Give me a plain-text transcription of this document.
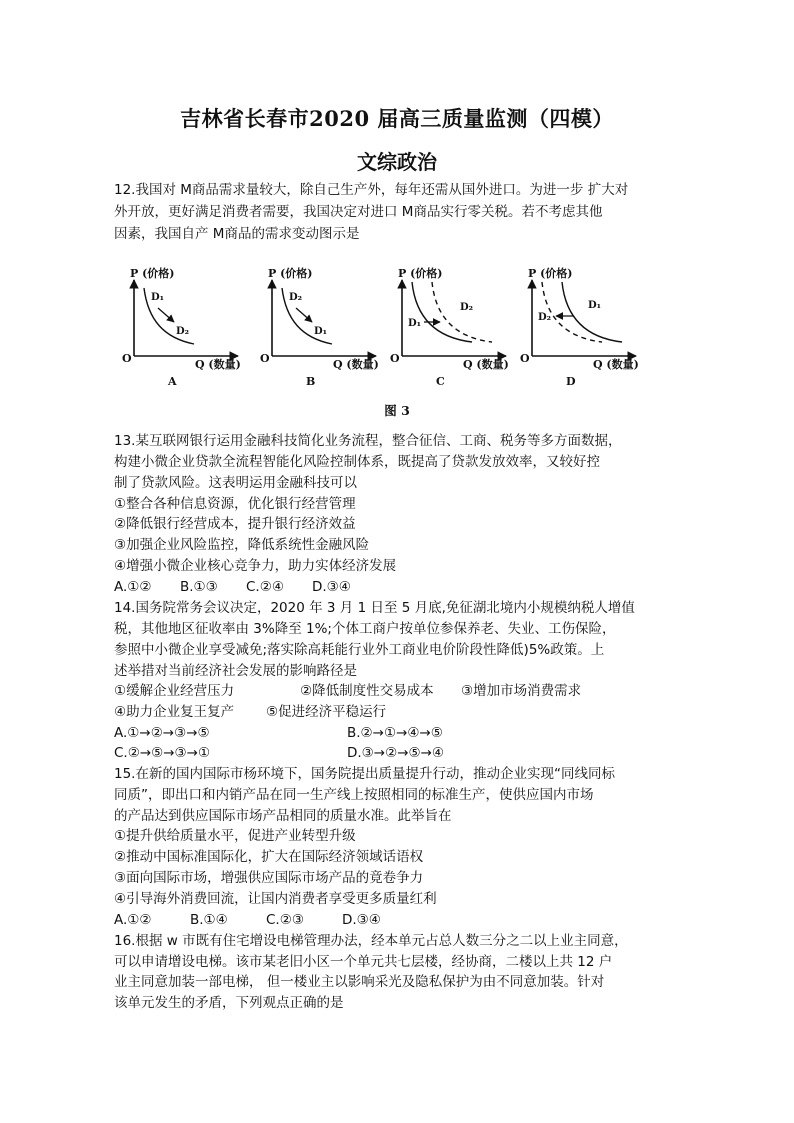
吉林省长春市2020 届高三质量监测（四模）
文综政治
12.我国对 M商品需求量较大，除自己生产外，每年还需从国外进口。为进一步 扩大对
外开放，更好满足消费者需要，我国决定对进口 M商品实行零关税。若不考虑其他
因素，我国自产 M商品的需求变动图示是
P (价格)
Q (数量)
O
A
D₁
D₂
P (价格)
Q (数量)
O
B
D₂
D₁
P (价格)
Q (数量)
O
C
D₁
D₂
P (价格)
Q (数量)
O
D
D₂
D₁
图 3
13.某互联网银行运用金融科技简化业务流程，整合征信、工商、税务等多方面数据，
构建小微企业贷款全流程智能化风险控制体系，既提高了贷款发放效率，又较好控
制了贷款风险。这表明运用金融科技可以
①整合各种信息资源，优化银行经营管理
②降低银行经营成本，提升银行经济效益
③加强企业风险监控，降低系统性金融风险
④增强小微企业核心竞争力，助力实体经济发展
A.①② B.①③ C.②④ D.③④
14.国务院常务会议决定，2020 年 3 月 1 日至 5 月底,免征湖北境内小规模纳税人增值
税，其他地区征收率由 3%降至 1%;个体工商户按单位参保养老、失业、工伤保险，
参照中小微企业享受减免;落实除高耗能行业外工商业电价阶段性降低)5%政策。上
述举措对当前经济社会发展的影响路径是
①缓解企业经营压力	②降低制度性交易成本 ③增加市场消费需求
④助力企业复王复产 ⑤促进经济平稳运行
A.①→②→③→⑤	B.②→①→④→⑤
C.②→⑤→③→①	D.③→②→⑤→④
15.在新的国内国际市杨环境下，国务院提出质量提升行动，推动企业实现“同线同标
同质”，即出口和内销产品在同一生产线上按照相同的标准生产，使供应国内市场
的产品达到供应国际市场产品相同的质量水准。此举旨在
①提升供给质量水平，促进产业转型升级
②推动中国标准国际化，扩大在国际经济领域话语权
③面向国际市场，增强供应国际市场产品的竟卷争力
④引导海外消费回流，让国内消费者享受更多质量红利
A.①②	B.①④	C.②③	D.③④
16.根据 w 市既有住宅增设电梯管理办法，经本单元占总人数三分之二以上业主同意，
可以申请增设电梯。该市某老旧小区一个单元共七层楼，经协商，二楼以上共 12 户
业主同意加装一部电梯， 但一楼业主以影响采光及隐私保护为由不同意加装。针对
该单元发生的矛盾，下列观点正确的是
